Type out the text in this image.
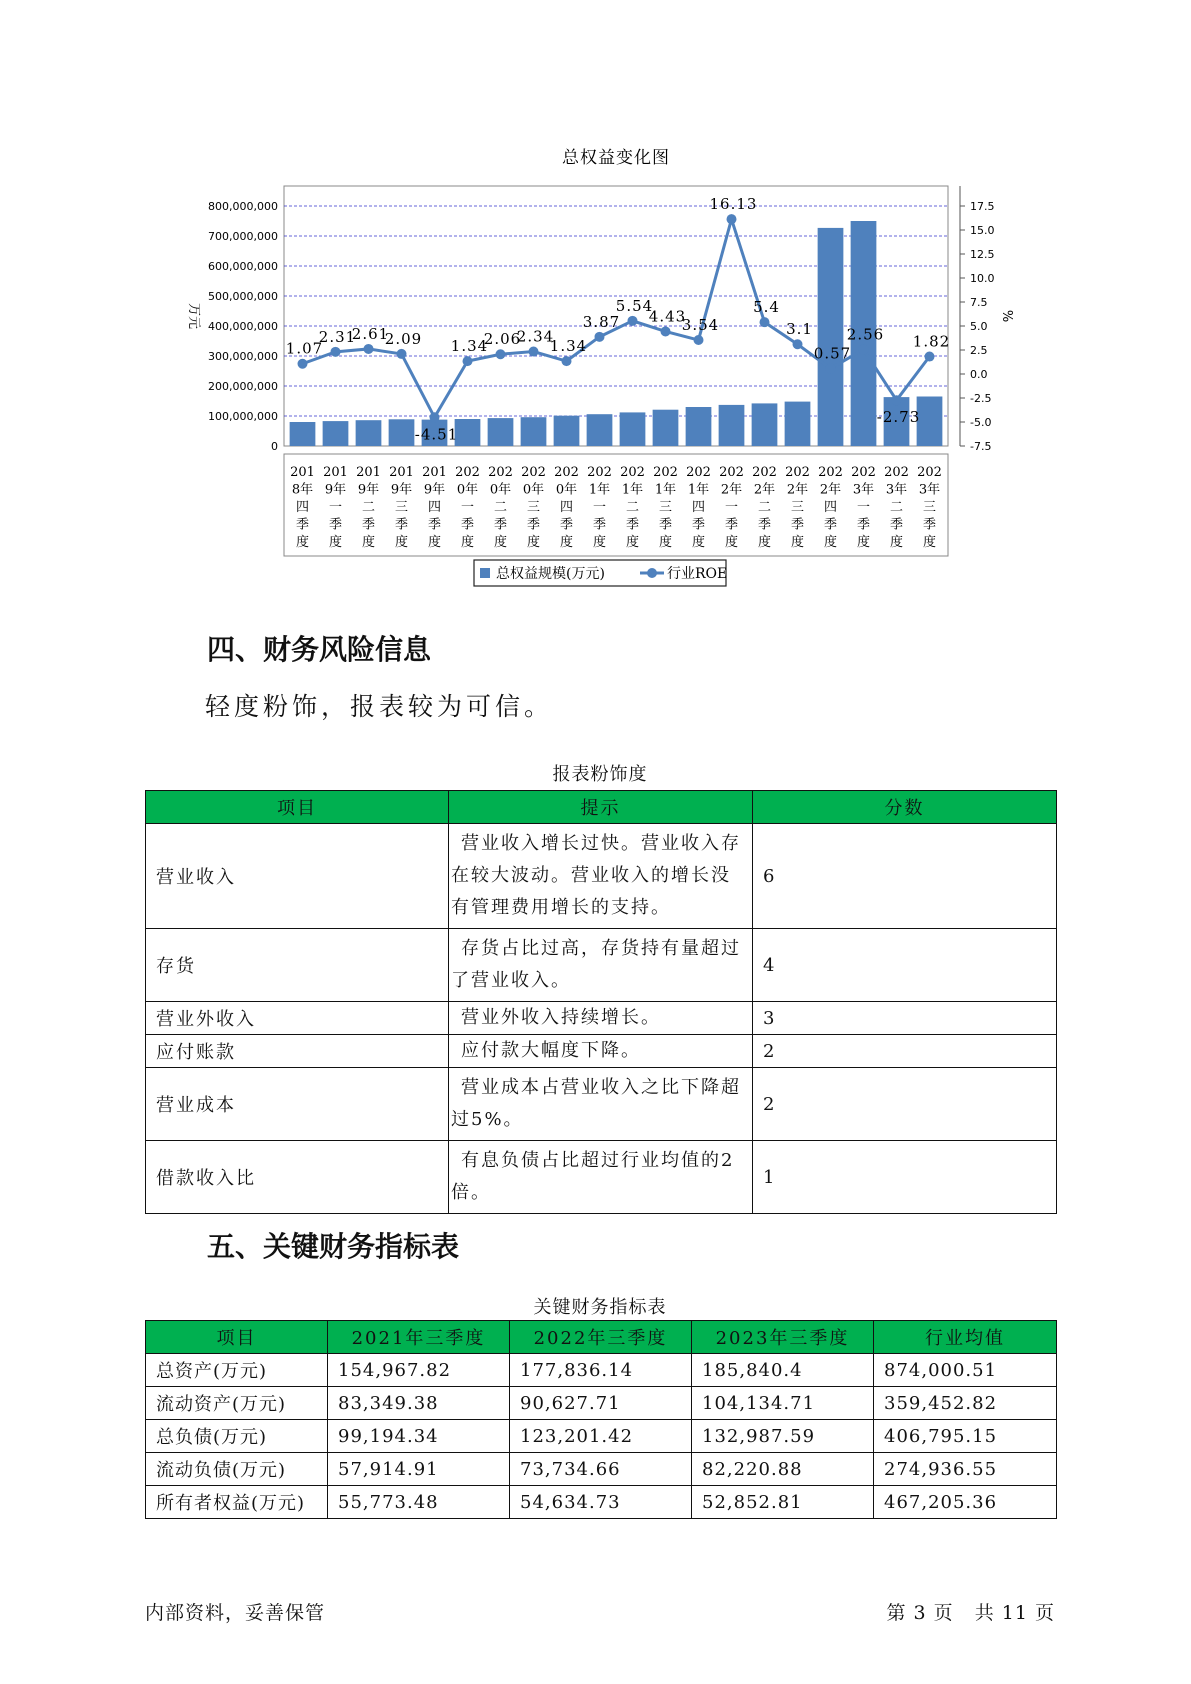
总权益变化图
0
100,000,000
200,000,000
300,000,000
400,000,000
500,000,000
600,000,000
700,000,000
800,000,000
-7.5
-5.0
-2.5
0.0
2.5
5.0
7.5
10.0
12.5
15.0
17.5
万元	%
201
8年
四
季
度
201
9年
一
季
度
201
9年
二
季
度
201
9年
三
季
度
201
9年
四
季
度
202
0年
一
季
度
202
0年
二
季
度
202
0年
三
季
度
202
0年
四
季
度
202
1年
一
季
度
202
1年
二
季
度
202
1年
三
季
度
202
1年
四
季
度
202
2年
一
季
度
202
2年
二
季
度
202
2年
三
季
度
202
2年
四
季
度
202
3年
一
季
度
202
3年
二
季
度
202
3年
三
季
度
1.07
2.31
2.61
2.09
-4.51
1.34
2.06
2.34
1.34
3.87
5.54
4.43
3.54
16.13
5.4
3.1
0.57
2.56
-2.73
1.82
总权益规模(万元)	行业ROE
四、财务风险信息

轻度粉饰，报表较为可信。

报表粉饰度
项目	提示	分数
营业收入	营业收入增长过快。营业收入存在较大波动。营业收入的增长没有管理费用增长的支持。	6
存货	存货占比过高，存货持有量超过了营业收入。	4
营业外收入	营业外收入持续增长。	3
应付账款	应付款大幅度下降。	2
营业成本	营业成本占营业收入之比下降超过5%。	2
借款收入比	有息负债占比超过行业均值的2倍。	1
五、关键财务指标表
关键财务指标表
项目	2021年三季度	2022年三季度	2023年三季度	行业均值
总资产(万元)	154,967.82	177,836.14	185,840.4	874,000.51
流动资产(万元)	83,349.38	90,627.71	104,134.71	359,452.82
总负债(万元)	99,194.34	123,201.42	132,987.59	406,795.15
流动负债(万元)	57,914.91	73,734.66	82,220.88	274,936.55
所有者权益(万元)	55,773.48	54,634.73	52,852.81	467,205.36
内部资料，妥善保管	第 3 页   共 11 页
